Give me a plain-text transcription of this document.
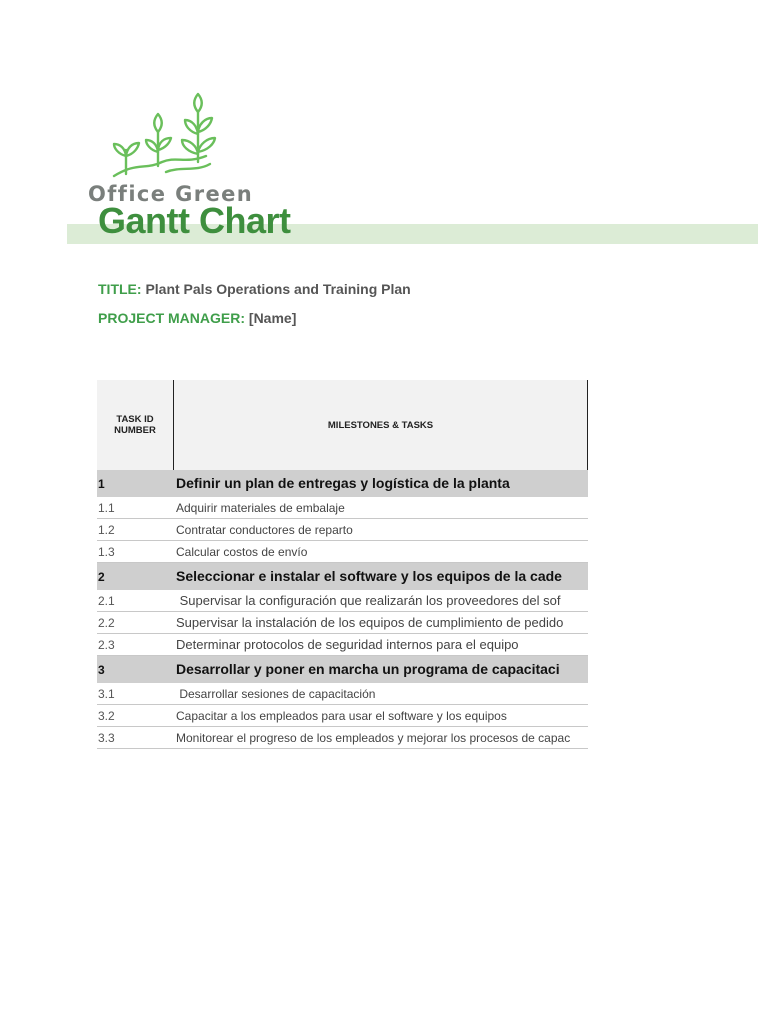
Office Green
Gantt Chart
TITLE: Plant Pals Operations and Training Plan
PROJECT MANAGER: [Name]
TASK ID NUMBER	MILESTONES & TASKS
1	Definir un plan de entregas y logística de la planta
1.1	Adquirir materiales de embalaje
1.2	Contratar conductores de reparto
1.3	Calcular costos de envío
2	Seleccionar e instalar el software y los equipos de la cade
2.1	Supervisar la configuración que realizarán los proveedores del sof
2.2	Supervisar la instalación de los equipos de cumplimiento de pedido
2.3	Determinar protocolos de seguridad internos para el equipo
3	Desarrollar y poner en marcha un programa de capacitaci
3.1	Desarrollar sesiones de capacitación
3.2	Capacitar a los empleados para usar el software y los equipos
3.3	Monitorear el progreso de los empleados y mejorar los procesos de capac
